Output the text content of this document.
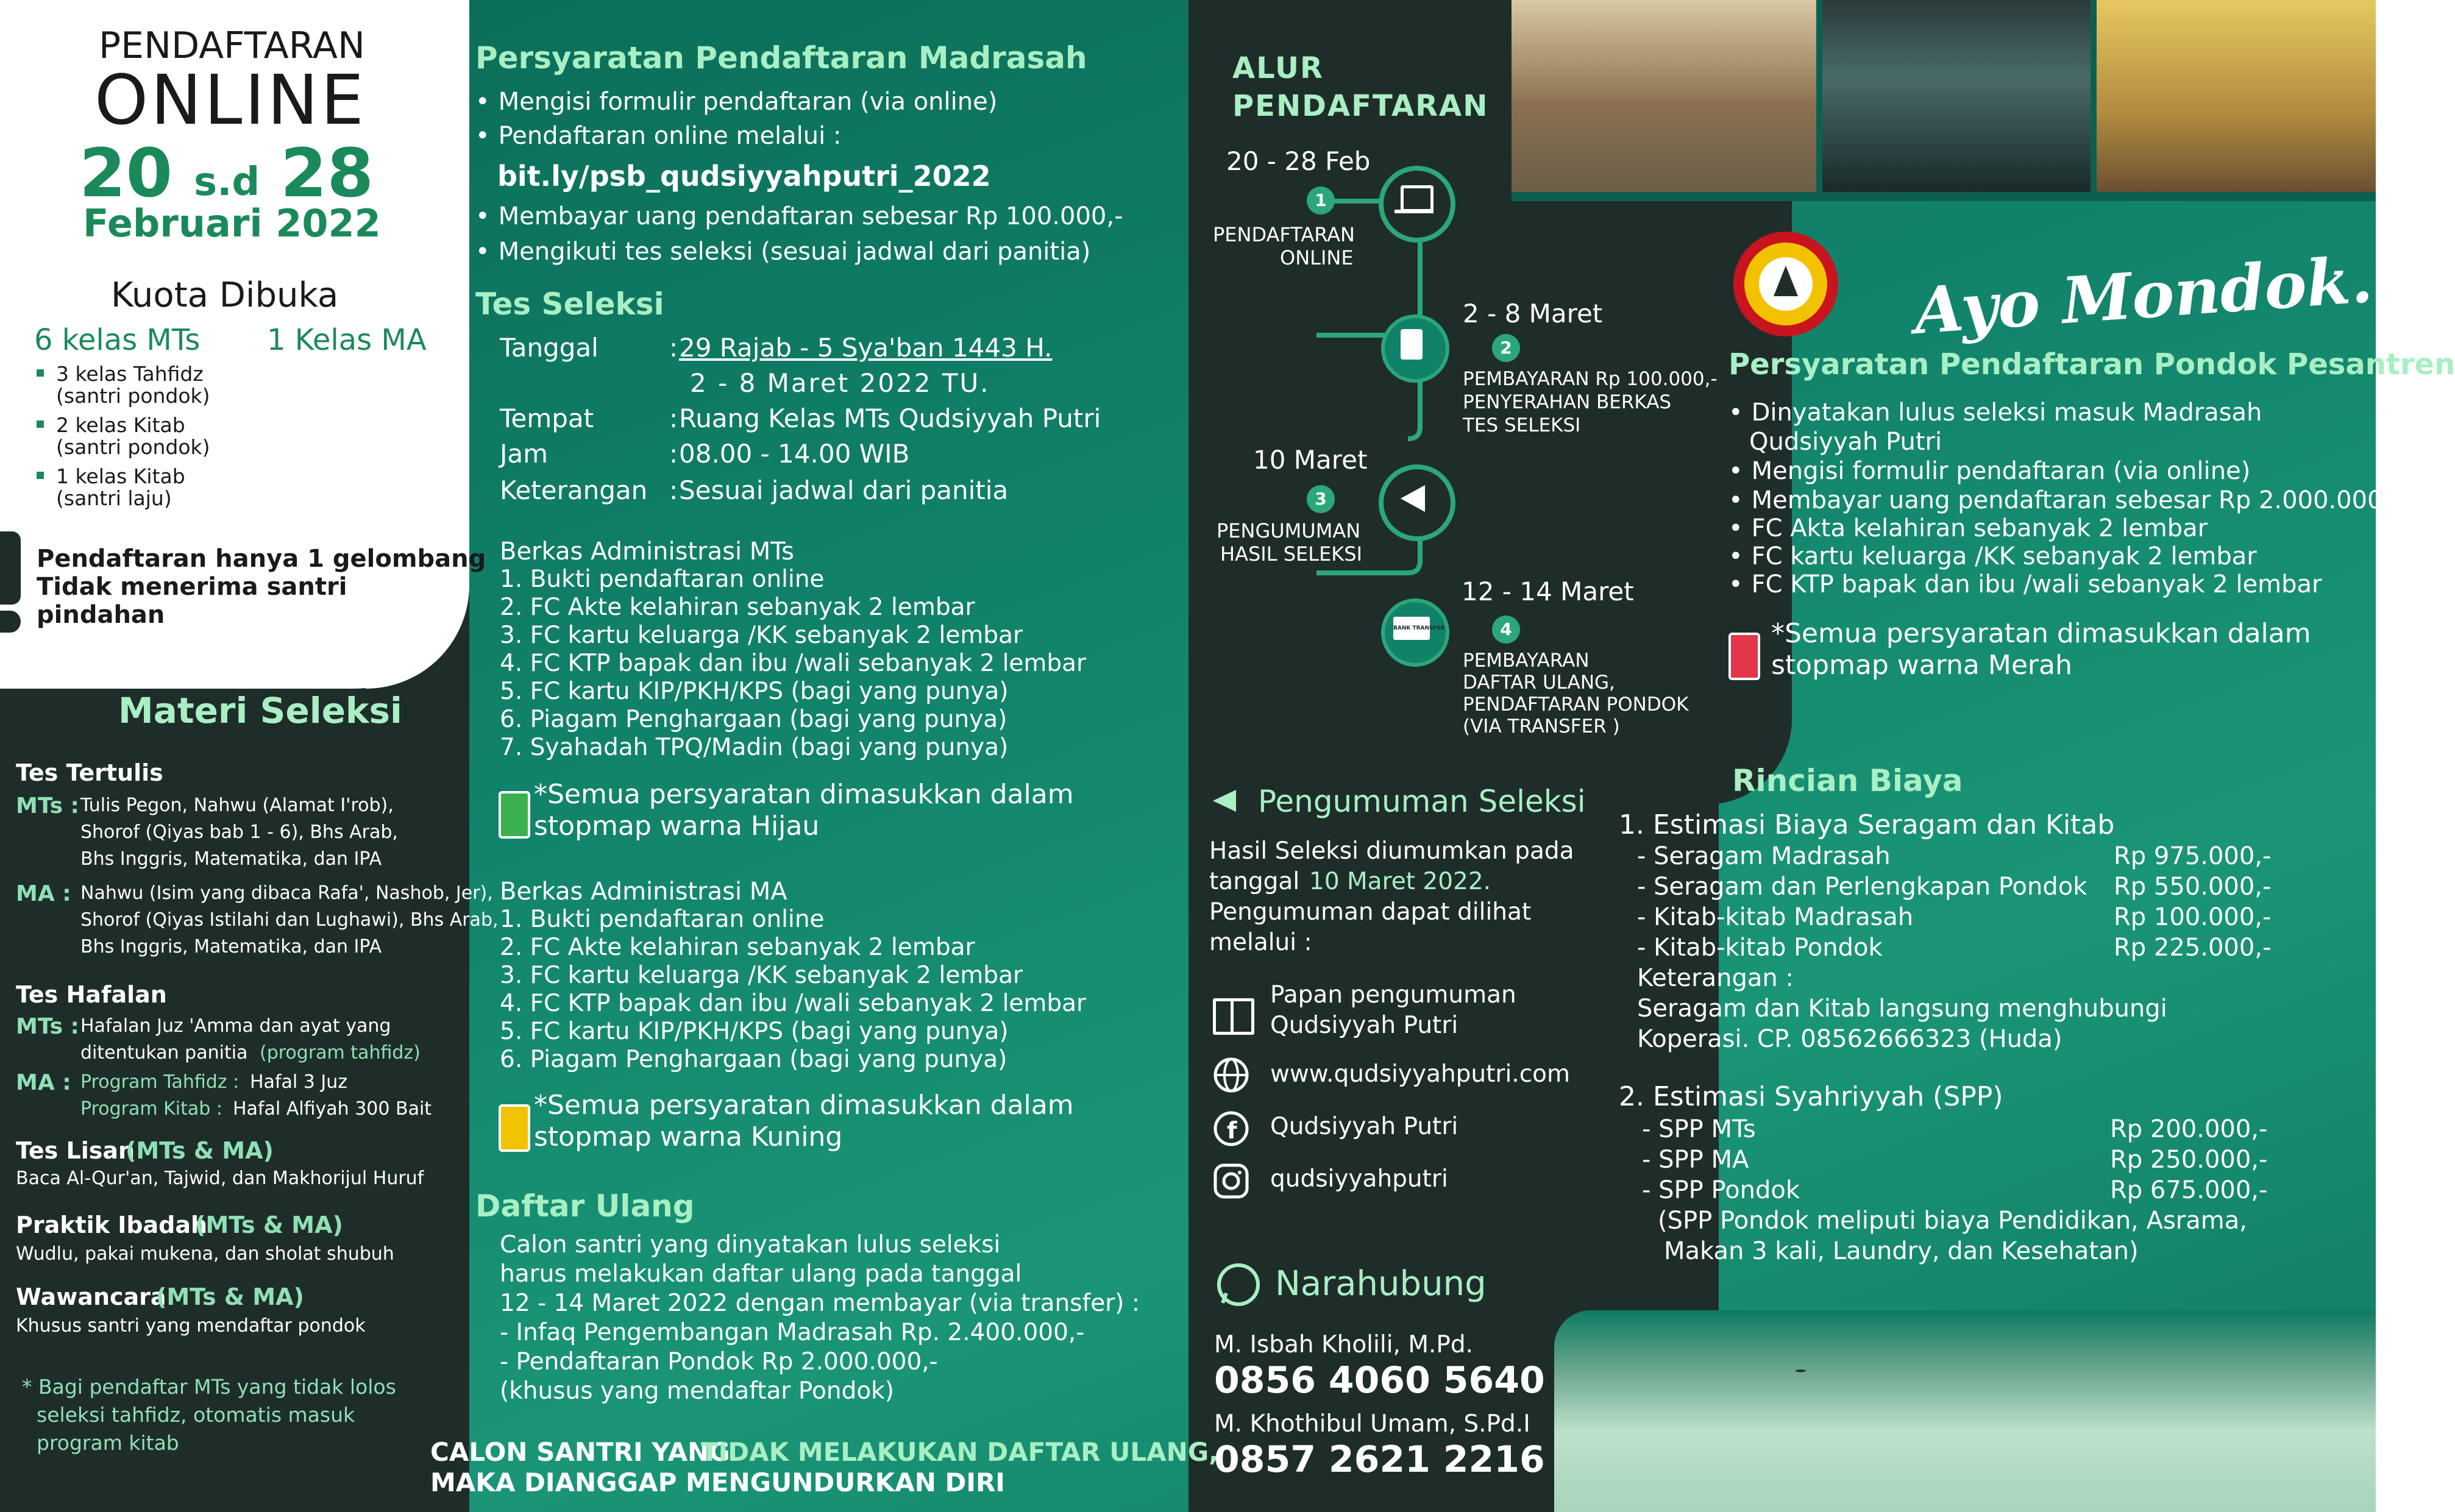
PENDAFTARAN
ONLINE
20 s.d 28
Februari 2022
Kuota Dibuka
6 kelas MTs 1 Kelas MA
3 kelas Tahfidz
(santri pondok)
2 kelas Kitab
(santri pondok)
1 kelas Kitab
(santri laju)
Pendaftaran hanya 1 gelombang
Tidak menerima santri
pindahan
Materi Seleksi
Tes Tertulis
MTs : Tulis Pegon, Nahwu (Alamat I'rob),
Shorof (Qiyas bab 1 - 6), Bhs Arab,
Bhs Inggris, Matematika, dan IPA
MA : Nahwu (Isim yang dibaca Rafa', Nashob, Jer),
Shorof (Qiyas Istilahi dan Lughawi), Bhs Arab,
Bhs Inggris, Matematika, dan IPA
Tes Hafalan
MTs : Hafalan Juz 'Amma dan ayat yang
ditentukan panitia (program tahfidz)
MA : Program Tahfidz : Hafal 3 Juz
Program Kitab : Hafal Alfiyah 300 Bait
Tes Lisan
(MTs & MA)
Baca Al-Qur'an, Tajwid, dan Makhorijul Huruf
Praktik Ibadah
(MTs & MA)
Wudlu, pakai mukena, dan sholat shubuh
Wawancara
(MTs & MA)
Khusus santri yang mendaftar pondok
* Bagi pendaftar MTs yang tidak lolos
seleksi tahfidz, otomatis masuk
program kitab
Persyaratan Pendaftaran Madrasah
• Mengisi formulir pendaftaran (via online)
• Pendaftaran online melalui :
bit.ly/psb_qudsiyyahputri_2022
• Membayar uang pendaftaran sebesar Rp 100.000,-
• Mengikuti tes seleksi (sesuai jadwal dari panitia)
Tes Seleksi
Tanggal	: 29 Rajab - 5 Sya'ban 1443 H.
2 - 8 Maret 2022 TU.
Tempat	: Ruang Kelas MTs Qudsiyyah Putri
Jam	: 08.00 - 14.00 WIB
Keterangan : Sesuai jadwal dari panitia
Berkas Administrasi MTs
1. Bukti pendaftaran online
2. FC Akte kelahiran sebanyak 2 lembar
3. FC kartu keluarga /KK sebanyak 2 lembar
4. FC KTP bapak dan ibu /wali sebanyak 2 lembar
5. FC kartu KIP/PKH/KPS (bagi yang punya)
6. Piagam Penghargaan (bagi yang punya)
7. Syahadah TPQ/Madin (bagi yang punya)
*Semua persyaratan dimasukkan dalam
stopmap warna Hijau
Berkas Administrasi MA
1. Bukti pendaftaran online
2. FC Akte kelahiran sebanyak 2 lembar
3. FC kartu keluarga /KK sebanyak 2 lembar
4. FC KTP bapak dan ibu /wali sebanyak 2 lembar
5. FC kartu KIP/PKH/KPS (bagi yang punya)
6. Piagam Penghargaan (bagi yang punya)
*Semua persyaratan dimasukkan dalam
stopmap warna Kuning
Daftar Ulang
Calon santri yang dinyatakan lulus seleksi
harus melakukan daftar ulang pada tanggal
12 - 14 Maret 2022 dengan membayar (via transfer) :
- Infaq Pengembangan Madrasah Rp. 2.400.000,-
- Pendaftaran Pondok Rp 2.000.000,-
(khusus yang mendaftar Pondok)
CALON SANTRI YANG
TIDAK MELAKUKAN DAFTAR ULANG,
MAKA DIANGGAP MENGUNDURKAN DIRI
ALUR
PENDAFTARAN
1
20 - 28 Feb
PENDAFTARAN
ONLINE
2
2 - 8 Maret
PEMBAYARAN Rp 100.000,-
PENYERAHAN BERKAS
TES SELEKSI
3
10 Maret
PENGUMUMAN
HASIL SELEKSI
BANK TRANSFER	4
12 - 14 Maret
PEMBAYARAN
DAFTAR ULANG,
PENDAFTARAN PONDOK
(VIA TRANSFER )
Pengumuman Seleksi
Hasil Seleksi diumumkan pada
tanggal 10 Maret 2022.
Pengumuman dapat dilihat
melalui :
Papan pengumuman
Qudsiyyah Putri
www.qudsiyyahputri.com
f Qudsiyyah Putri
qudsiyyahputri
Narahubung
M. Isbah Kholili, M.Pd.
0856 4060 5640
M. Khothibul Umam, S.Pd.I
0857 2621 2216
Ayo Mondok..!
Persyaratan Pendaftaran Pondok Pesantren
• Dinyatakan lulus seleksi masuk Madrasah
Qudsiyyah Putri
• Mengisi formulir pendaftaran (via online)
• Membayar uang pendaftaran sebesar Rp 2.000.000,-
• FC Akta kelahiran sebanyak 2 lembar
• FC kartu keluarga /KK sebanyak 2 lembar
• FC KTP bapak dan ibu /wali sebanyak 2 lembar
*Semua persyaratan dimasukkan dalam
stopmap warna Merah
Rincian Biaya
1. Estimasi Biaya Seragam dan Kitab
- Seragam Madrasah	Rp 975.000,-
- Seragam dan Perlengkapan Pondok Rp 550.000,-
- Kitab-kitab Madrasah	Rp 100.000,-
- Kitab-kitab Pondok	Rp 225.000,-
Keterangan :
Seragam dan Kitab langsung menghubungi
Koperasi. CP. 08562666323 (Huda)
2. Estimasi Syahriyyah (SPP)
- SPP MTs	Rp 200.000,-
- SPP MA	Rp 250.000,-
- SPP Pondok	Rp 675.000,-
(SPP Pondok meliputi biaya Pendidikan, Asrama,
Makan 3 kali, Laundry, dan Kesehatan)
